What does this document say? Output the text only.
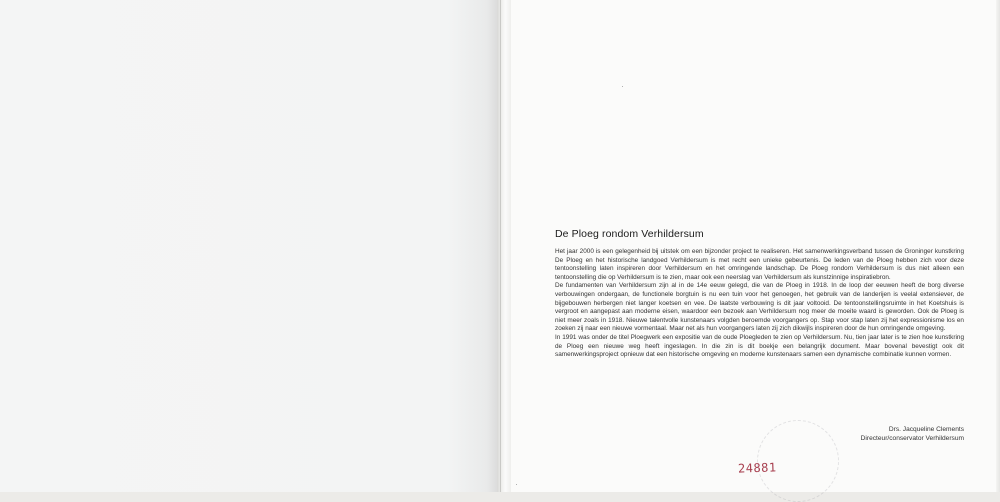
De Ploeg rondom Verhildersum

Het jaar 2000 is een gelegenheid bij uitstek om een bijzonder project te realiseren. Het samenwerkingsverband tussen de Groninger kunstkring De Ploeg en het historische landgoed Verhildersum is met recht een unieke gebeurtenis. De leden van de Ploeg hebben zich voor deze tentoonstelling laten inspireren door Verhildersum en het omringende landschap. De Ploeg rondom Verhildersum is dus niet alleen een tentoonstelling die op Verhildersum is te zien, maar ook een neerslag van Verhildersum als kunstzinnige inspiratiebron.

De fundamenten van Verhildersum zijn al in de 14e eeuw gelegd, die van de Ploeg in 1918. In de loop der eeuwen heeft de borg diverse verbouwingen ondergaan, de functionele borgtuin is nu een tuin voor het genoegen, het gebruik van de landerijen is veelal extensiever, de bijgebouwen herbergen niet langer koetsen en vee. De laatste verbouwing is dit jaar voltooid. De tentoonstellingsruimte in het Koetshuis is vergroot en aangepast aan moderne eisen, waardoor een bezoek aan Verhildersum nog meer de moeite waard is geworden. Ook de Ploeg is niet meer zoals in 1918. Nieuwe talentvolle kunstenaars volgden beroemde voorgangers op. Stap voor stap laten zij het expressionisme los en zoeken zij naar een nieuwe vormentaal. Maar net als hun voorgangers laten zij zich dikwijls inspireren door de hun omringende omgeving.

In 1991 was onder de titel Ploegwerk een expositie van de oude Ploegleden te zien op Verhildersum. Nu, tien jaar later is te zien hoe kunstkring de Ploeg een nieuwe weg heeft ingeslagen. In die zin is dit boekje een belangrijk document. Maar bovenal bevestigt ook dit samenwerkingsproject opnieuw dat een historische omgeving en moderne kunstenaars samen een dynamische combinatie kunnen vormen.

Drs. Jacqueline Clements
Directeur/conservator Verhildersum
24881
